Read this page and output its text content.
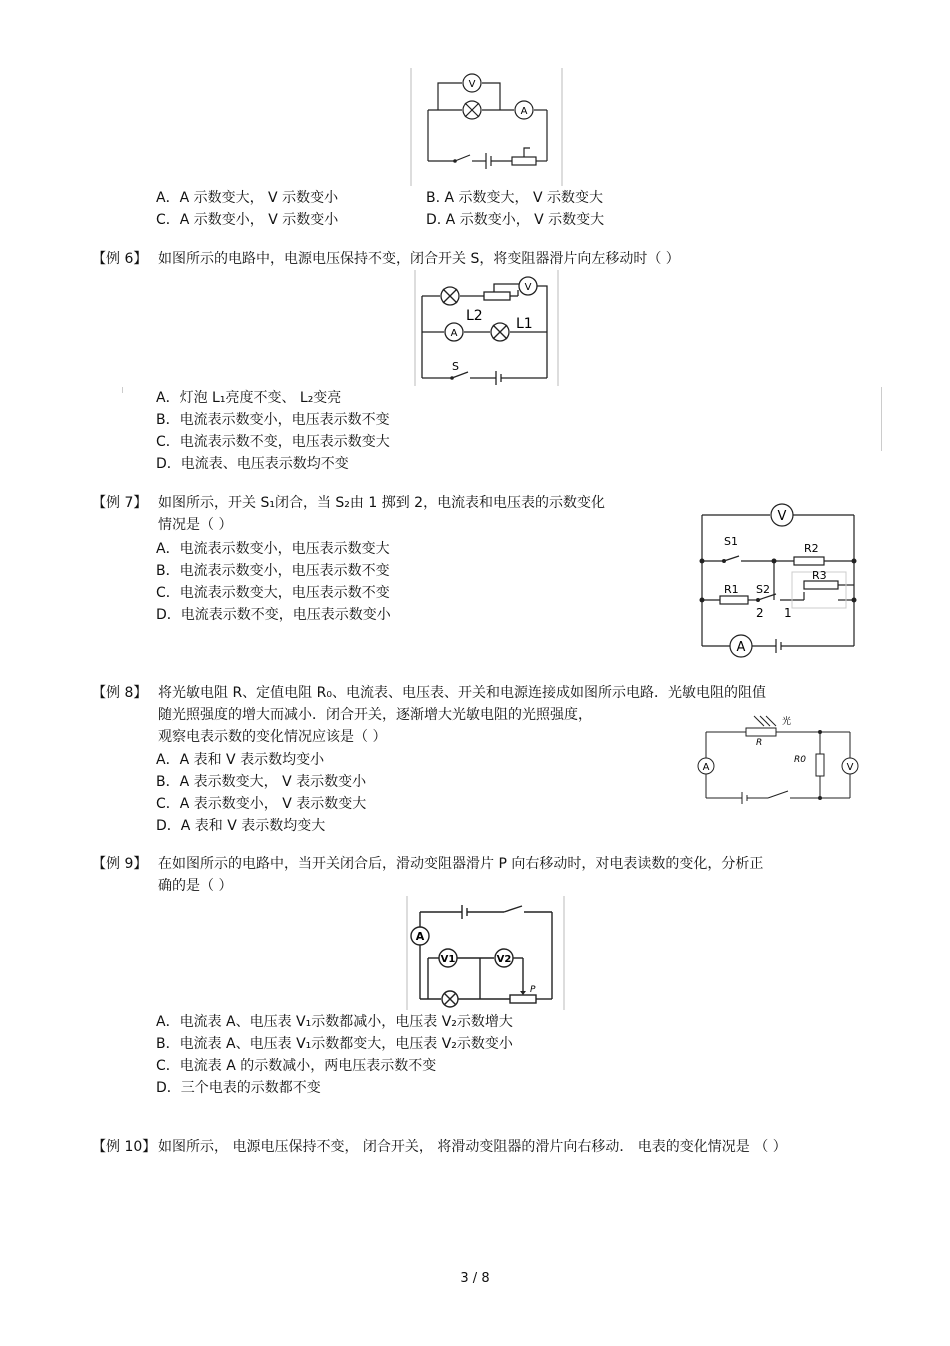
V
A
A．A 示数变大， V 示数变小	B. A 示数变大， V 示数变大
C．A 示数变小， V 示数变小	D. A 示数变小， V 示数变大
【例 6】 如图所示的电路中，电源电压保持不变，闭合开关 S，将变阻器滑片向左移动时（ ）
L2 L1
A
V
S
A．灯泡 L₁亮度不变、 L₂变亮
B．电流表示数变小，电压表示数不变
C．电流表示数不变，电压表示数变大
D．电流表、电压表示数均不变
【例 7】 如图所示，开关 S₁闭合，当 S₂由 1 掷到 2，电流表和电压表的示数变化
情况是（ ）
A．电流表示数变小，电压表示数变大
B．电流表示数变小，电压表示数不变
C．电流表示数变大，电压表示数不变
D．电流表示数不变，电压表示数变小
V
A
S1
R2
R1 S2
R3
2 1
【例 8】 将光敏电阻 R、定值电阻 R₀、电流表、电压表、开关和电源连接成如图所示电路．光敏电阻的阻值
随光照强度的增大而减小．闭合开关，逐渐增大光敏电阻的光照强度，
观察电表示数的变化情况应该是（ ）
A．A 表和 V 表示数均变小
B．A 表示数变大， V 表示数变小
C．A 表示数变小， V 表示数变大
D．A 表和 V 表示数均变大
光
R
R0
A	V
【例 9】 在如图所示的电路中，当开关闭合后，滑动变阻器滑片 P 向右移动时，对电表读数的变化，分析正
确的是（ ）
A
V1	V2
P
A．电流表 A、电压表 V₁示数都减小，电压表 V₂示数增大
B．电流表 A、电压表 V₁示数都变大，电压表 V₂示数变小
C．电流表 A 的示数减小，两电压表示数不变
D．三个电表的示数都不变
【例 10】 如图所示， 电源电压保持不变， 闭合开关， 将滑动变阻器的滑片向右移动． 电表的变化情况是 （ ）
3 / 8
